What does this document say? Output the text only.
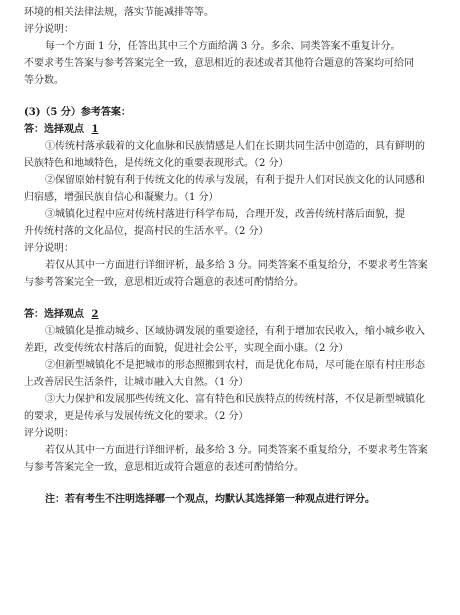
环境的相关法律法规，落实节能减排等等。
评分说明：
每一个方面 1 分，任答出其中三个方面给满 3 分。多余、同类答案不重复计分。
不要求考生答案与参考答案完全一致，意思相近的表述或者其他符合题意的答案均可给同
等分数。
(3)（5 分）参考答案：
答：选择观点 1
①传统村落承载着的文化血脉和民族情感是人们在长期共同生活中创造的，具有鲜明的
民族特色和地域特色，是传统文化的重要表现形式。（2 分）
②保留原始村貌有利于传统文化的传承与发展，有利于提升人们对民族文化的认同感和
归宿感，增强民族自信心和凝聚力。（1 分）
③城镇化过程中应对传统村落进行科学布局，合理开发，改善传统村落后面貌，提
升传统村落的文化品位，提高村民的生活水平。（2 分）
评分说明：
若仅从其中一方面进行详细评析，最多给 3 分。同类答案不重复给分，不要求考生答案
与参考答案完全一致，意思相近或符合题意的表述可酌情给分。
答：选择观点 2
①城镇化是推动城乡、区域协调发展的重要途径，有利于增加农民收入，缩小城乡收入
差距，改变传统农村落后的面貌，促进社会公平，实现全面小康。（2 分）
②但新型城镇化不是把城市的形态照搬到农村，而是优化布局，尽可能在原有村庄形态
上改善居民生活条件，让城市融入大自然。（1 分）
③大力保护和发展那些传统文化、富有特色和民族特点的传统村落，不仅是新型城镇化
的要求，更是传承与发展传统文化的要求。（2 分）
评分说明：
若仅从其中一方面进行详细评析，最多给 3 分。同类答案不重复给分，不要求考生答案
与参考答案完全一致，意思相近或符合题意的表述可酌情给分。
注：若有考生不注明选择哪一个观点，均默认其选择第一种观点进行评分。
